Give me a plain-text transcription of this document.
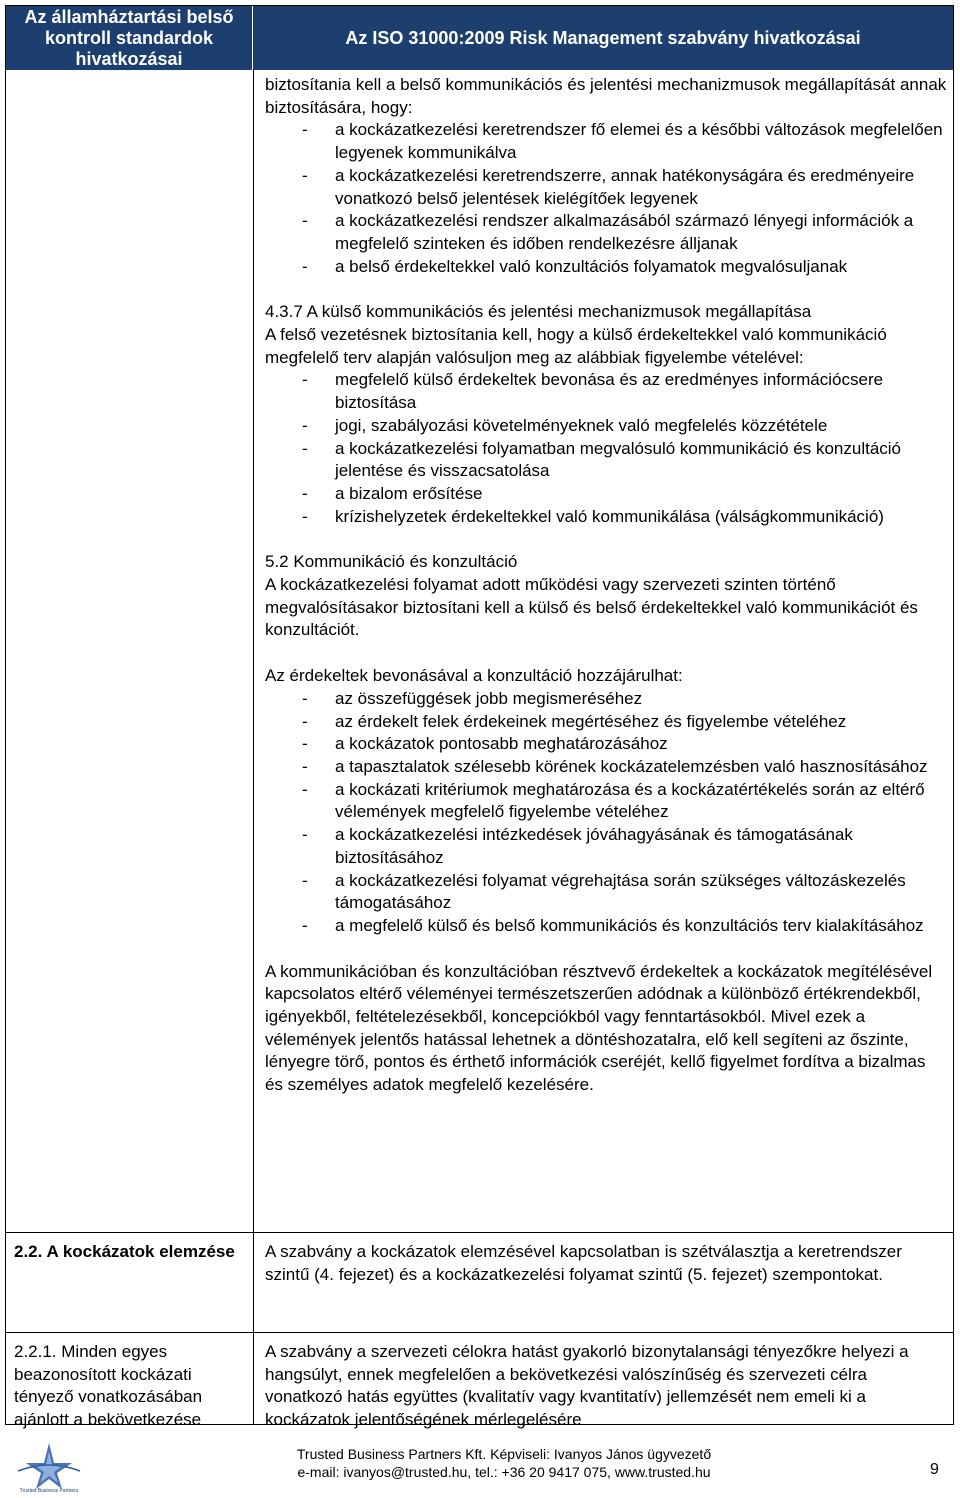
Az államháztartási belső
kontroll standardok
hivatkozásai
Az ISO 31000:2009 Risk Management szabvány hivatkozásai

biztosítania kell a belső kommunikációs és jelentési mechanizmusok megállapítását annak biztosítására, hogy:

- a kockázatkezelési keretrendszer fő elemei és a későbbi változások megfelelően legyenek kommunikálva
- a kockázatkezelési keretrendszerre, annak hatékonyságára és eredményeire vonatkozó belső jelentések kielégítőek legyenek
- a kockázatkezelési rendszer alkalmazásából származó lényegi információk a megfelelő szinteken és időben rendelkezésre álljanak
- a belső érdekeltekkel való konzultációs folyamatok megvalósuljanak

4.3.7 A külső kommunikációs és jelentési mechanizmusok megállapítása

A felső vezetésnek biztosítania kell, hogy a külső érdekeltekkel való kommunikáció megfelelő terv alapján valósuljon meg az alábbiak figyelembe vételével:

- megfelelő külső érdekeltek bevonása és az eredményes információcsere biztosítása
- jogi, szabályozási követelményeknek való megfelelés közzététele
- a kockázatkezelési folyamatban megvalósuló kommunikáció és konzultáció jelentése és visszacsatolása
- a bizalom erősítése
- krízishelyzetek érdekeltekkel való kommunikálása (válságkommunikáció)

5.2 Kommunikáció és konzultáció

A kockázatkezelési folyamat adott működési vagy szervezeti szinten történő megvalósításakor biztosítani kell a külső és belső érdekeltekkel való kommunikációt és konzultációt.

Az érdekeltek bevonásával a konzultáció hozzájárulhat:

- az összefüggések jobb megismeréséhez
- az érdekelt felek érdekeinek megértéséhez és figyelembe vételéhez
- a kockázatok pontosabb meghatározásához
- a tapasztalatok szélesebb körének kockázatelemzésben való hasznosításához
- a kockázati kritériumok meghatározása és a kockázatértékelés során az eltérő vélemények megfelelő figyelembe vételéhez
- a kockázatkezelési intézkedések jóváhagyásának és támogatásának biztosításához
- a kockázatkezelési folyamat végrehajtása során szükséges változáskezelés támogatásához
- a megfelelő külső és belső kommunikációs és konzultációs terv kialakításához

A kommunikációban és konzultációban résztvevő érdekeltek a kockázatok megítélésével kapcsolatos eltérő véleményei természetszerűen adódnak a különböző értékrendekből, igényekből, feltételezésekből, koncepciókból vagy fenntartásokból. Mivel ezek a vélemények jelentős hatással lehetnek a döntéshozatalra, elő kell segíteni az őszinte, lényegre törő, pontos és érthető információk cseréjét, kellő figyelmet fordítva a bizalmas és személyes adatok megfelelő kezelésére.

2.2. A kockázatok elemzése	A szabvány a kockázatok elemzésével kapcsolatban is szétválasztja a keretrendszer szintű (4. fejezet) és a kockázatkezelési folyamat szintű (5. fejezet) szempontokat.
2.2.1. Minden egyes beazonosított kockázati tényező vonatkozásában ajánlott a bekövetkezése
A szabvány a szervezeti célokra hatást gyakorló bizonytalansági tényezőkre helyezi a hangsúlyt, ennek megfelelően a bekövetkezési valószínűség és szervezeti célra vonatkozó hatás együttes (kvalitatív vagy kvantitatív) jellemzését nem emeli ki a kockázatok jelentőségének mérlegelésére
Trusted Business Partners
Trusted Business Partners Kft. Képviseli: Ivanyos János ügyvezető
e-mail: ivanyos@trusted.hu, tel.: +36 20 9417 075, www.trusted.hu	9
